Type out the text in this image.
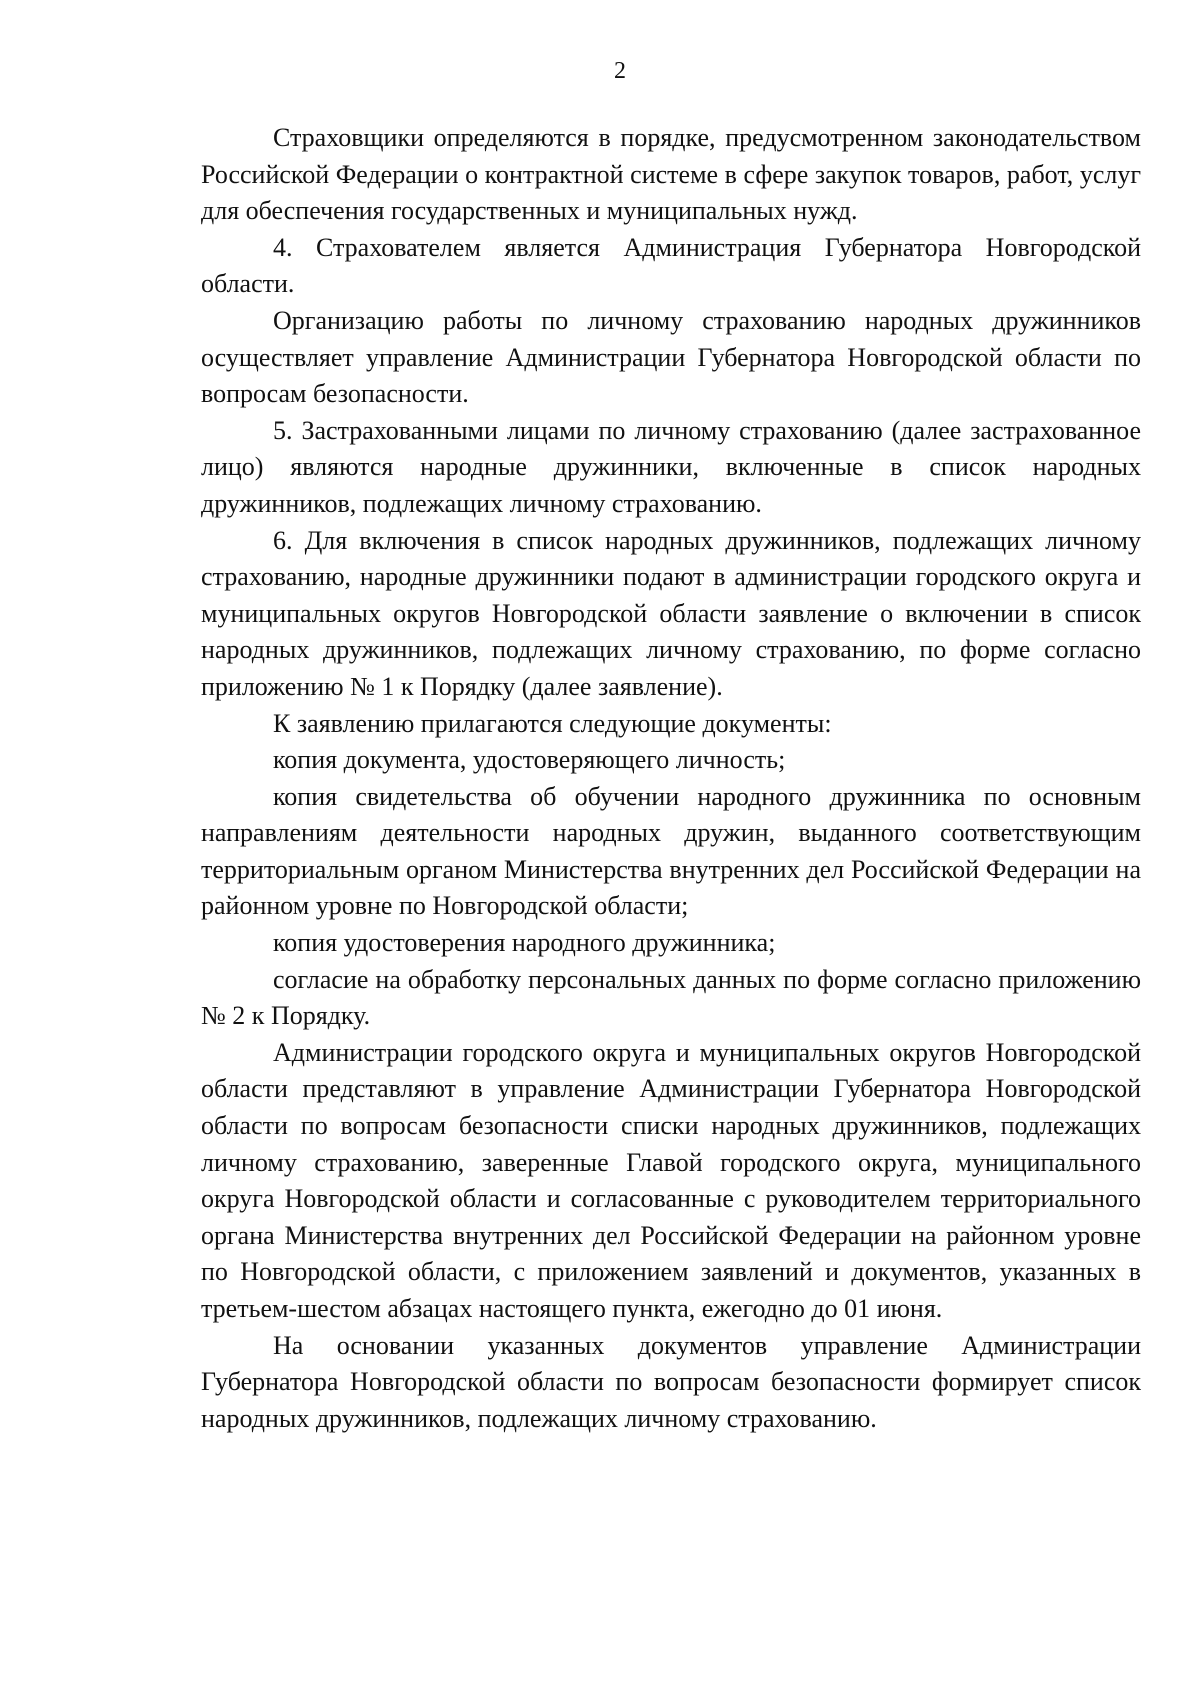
2

Страховщики определяются в порядке, предусмотренном законодательством Российской Федерации о контрактной системе в сфере закупок товаров, работ, услуг для обеспечения государственных и муниципальных нужд.

4. Страхователем является Администрация Губернатора Новгородской области.

Организацию работы по личному страхованию народных дружинников осуществляет управление Администрации Губернатора Новгородской области по вопросам безопасности.

5. Застрахованными лицами по личному страхованию (далее застрахованное лицо) являются народные дружинники, включенные в список народных дружинников, подлежащих личному страхованию.

6. Для включения в список народных дружинников, подлежащих личному страхованию, народные дружинники подают в администрации городского округа и муниципальных округов Новгородской области заявление о включении в список народных дружинников, подлежащих личному страхованию, по форме согласно приложению № 1 к Порядку (далее заявление).

К заявлению прилагаются следующие документы:

копия документа, удостоверяющего личность;

копия свидетельства об обучении народного дружинника по основным направлениям деятельности народных дружин, выданного соответствующим территориальным органом Министерства внутренних дел Российской Федерации на районном уровне по Новгородской области;

копия удостоверения народного дружинника;

согласие на обработку персональных данных по форме согласно приложению № 2 к Порядку.

Администрации городского округа и муниципальных округов Новгородской области представляют в управление Администрации Губернатора Новгородской области по вопросам безопасности списки народных дружинников, подлежащих личному страхованию, заверенные Главой городского округа, муниципального округа Новгородской области и согласованные с руководителем территориального органа Министерства внутренних дел Российской Федерации на районном уровне по Новгородской области, с приложением заявлений и документов, указанных в третьем-шестом абзацах настоящего пункта, ежегодно до 01 июня.

На основании указанных документов управление Администрации Губернатора Новгородской области по вопросам безопасности формирует список народных дружинников, подлежащих личному страхованию.
